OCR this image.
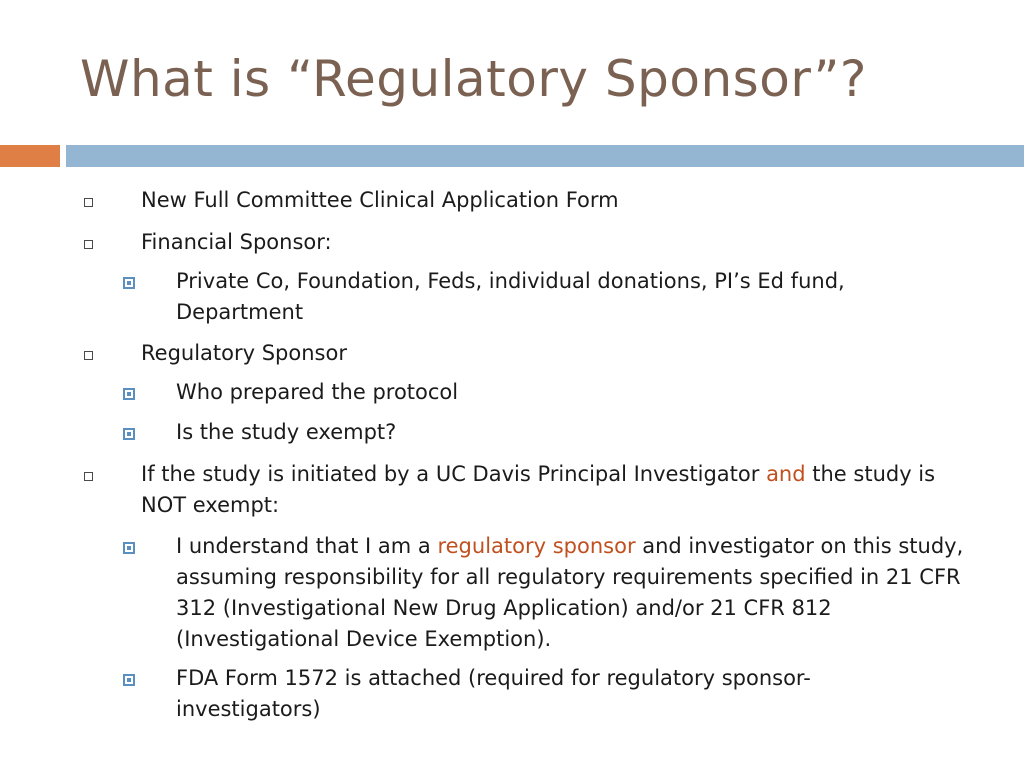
What is “Regulatory Sponsor”?
New Full Committee Clinical Application Form
Financial Sponsor:
Private Co, Foundation, Feds, individual donations, PI’s Ed fund, Department
Regulatory Sponsor
Who prepared the protocol
Is the study exempt?
If the study is initiated by a UC Davis Principal Investigator and the study is NOT exempt:
I understand that I am a regulatory sponsor and investigator on this study, assuming responsibility for all regulatory requirements specified in 21 CFR 312 (Investigational New Drug Application) and/or 21 CFR 812 (Investigational Device Exemption).
FDA Form 1572 is attached (required for regulatory sponsor-investigators)
